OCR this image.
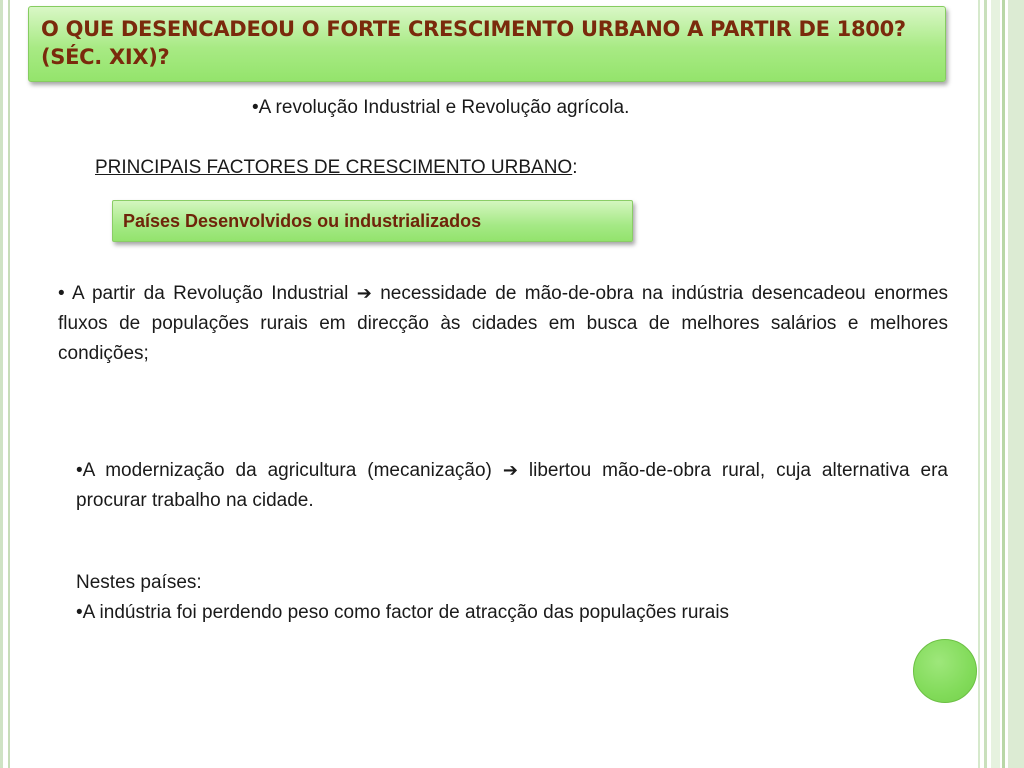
O QUE DESENCADEOU O FORTE CRESCIMENTO URBANO A PARTIR DE 1800? (SÉC. XIX)?

•A revolução Industrial e Revolução agrícola.

PRINCIPAIS FACTORES DE CRESCIMENTO URBANO:

Países Desenvolvidos ou industrializados

• A partir da Revolução Industrial ➔ necessidade de mão-de-obra na indústria desencadeou enormes fluxos de populações rurais em direcção às cidades em busca de melhores salários e melhores condições;

•A modernização da agricultura (mecanização) ➔ libertou mão-de-obra rural, cuja alternativa era procurar trabalho na cidade.

Nestes países:
•A indústria foi perdendo peso como factor de atracção das populações rurais
